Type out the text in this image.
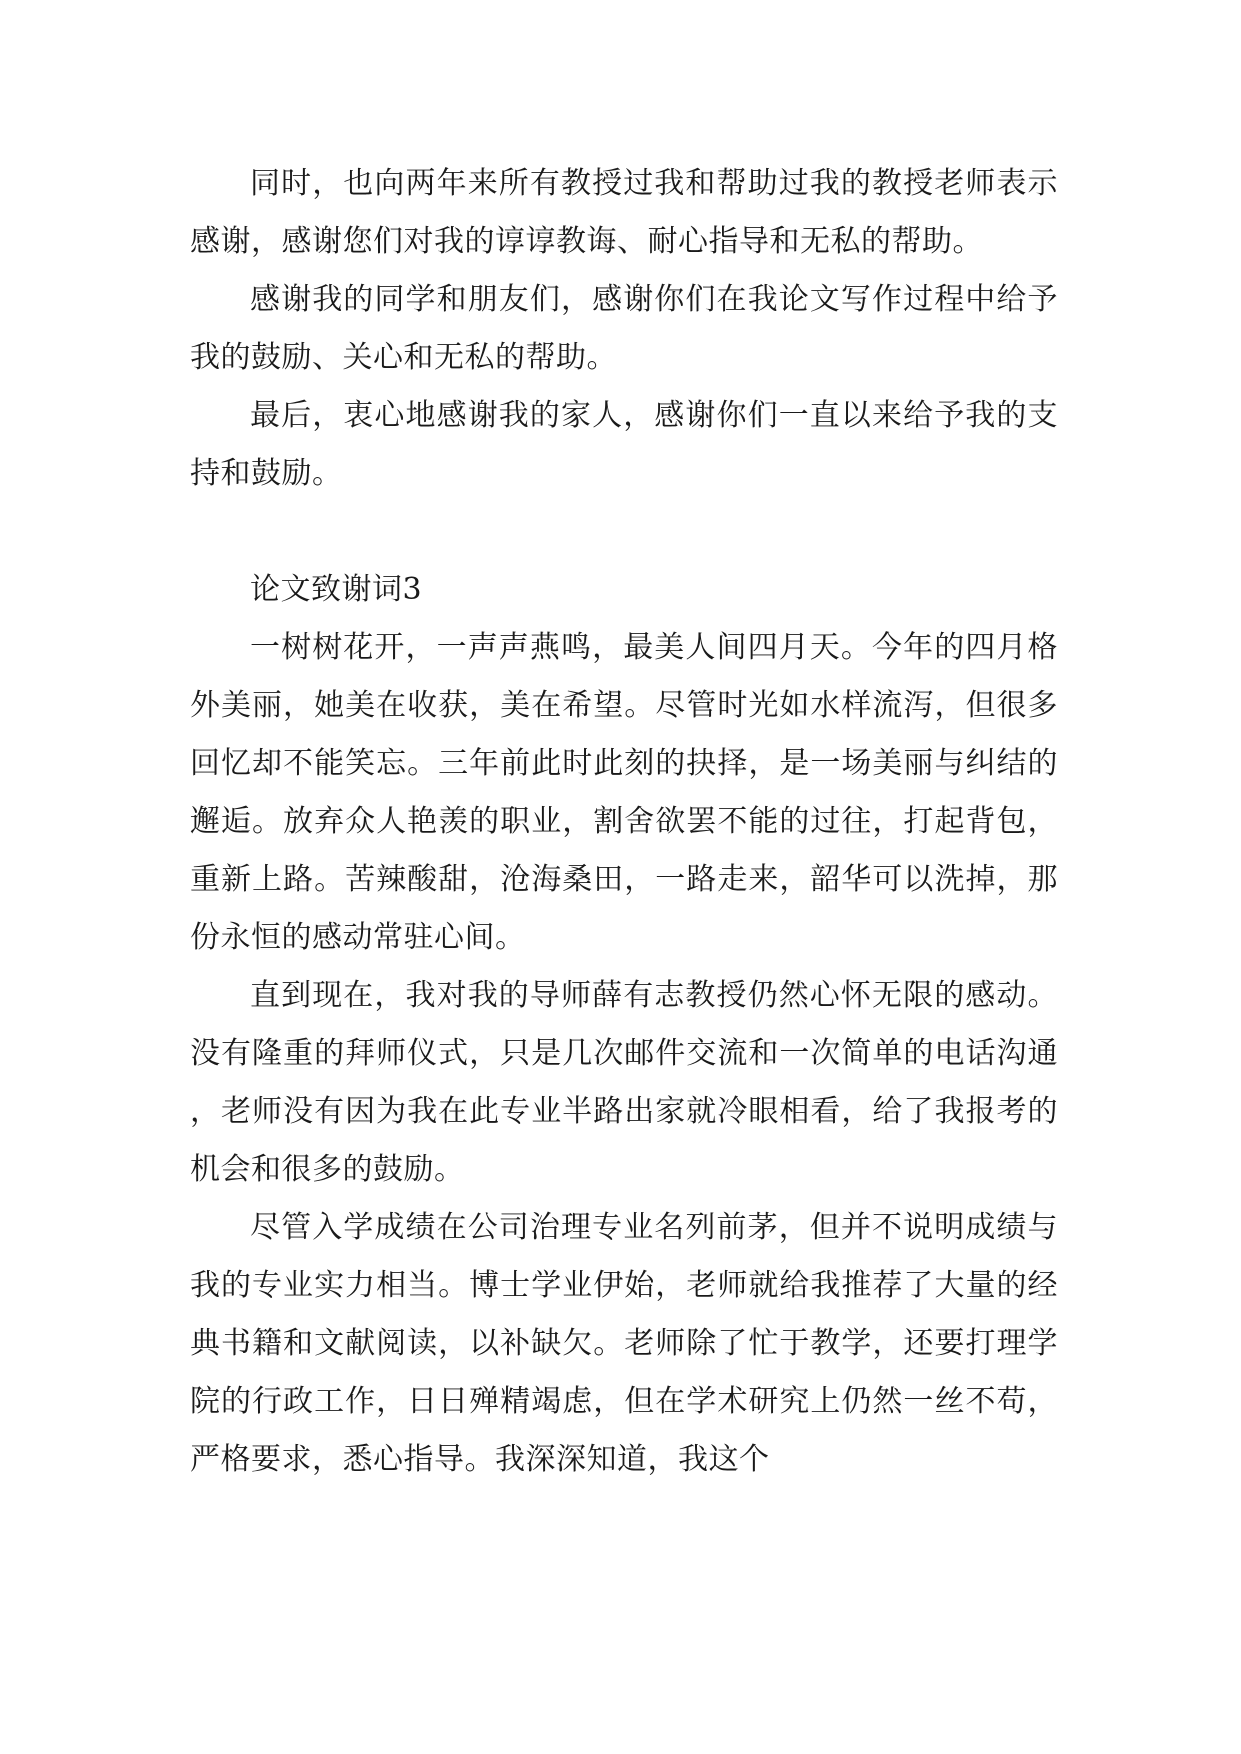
同时，也向两年来所有教授过我和帮助过我的教授老师表示感谢，感谢您们对我的谆谆教诲、耐心指导和无私的帮助。

感谢我的同学和朋友们，感谢你们在我论文写作过程中给予我的鼓励、关心和无私的帮助。

最后，衷心地感谢我的家人，感谢你们一直以来给予我的支持和鼓励。

论文致谢词3

一树树花开，一声声燕鸣，最美人间四月天。今年的四月格外美丽，她美在收获，美在希望。尽管时光如水样流泻，但很多回忆却不能笑忘。三年前此时此刻的抉择，是一场美丽与纠结的邂逅。放弃众人艳羡的职业，割舍欲罢不能的过往，打起背包，重新上路。苦辣酸甜，沧海桑田，一路走来，韶华可以洗掉，那份永恒的感动常驻心间。

直到现在，我对我的导师薛有志教授仍然心怀无限的感动。没有隆重的拜师仪式，只是几次邮件交流和一次简单的电话沟通，老师没有因为我在此专业半路出家就冷眼相看，给了我报考的机会和很多的鼓励。

尽管入学成绩在公司治理专业名列前茅，但并不说明成绩与我的专业实力相当。博士学业伊始，老师就给我推荐了大量的经典书籍和文献阅读，以补缺欠。老师除了忙于教学，还要打理学院的行政工作，日日殚精竭虑，但在学术研究上仍然一丝不苟，严格要求，悉心指导。我深深知道，我这个
